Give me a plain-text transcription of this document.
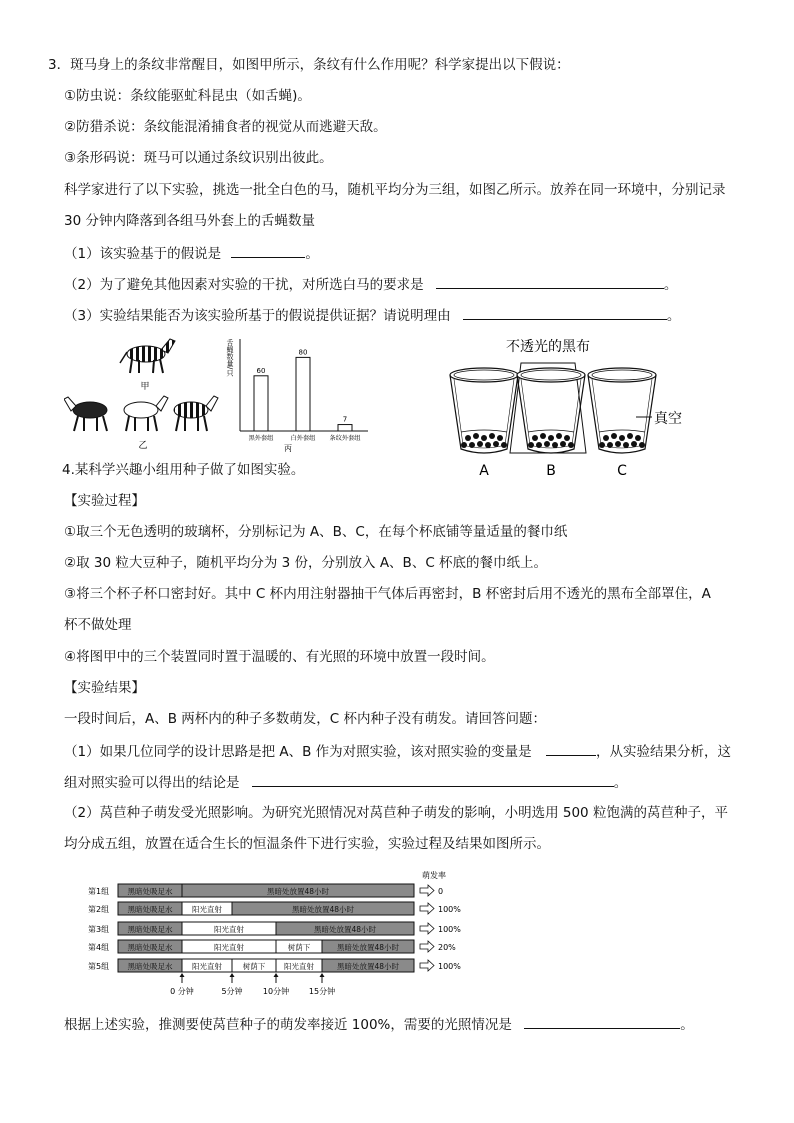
3．斑马身上的条纹非常醒目，如图甲所示，条纹有什么作用呢？科学家提出以下假说：
①防虫说：条纹能驱虻科昆虫（如舌蝇)。
②防猎杀说：条纹能混淆捕食者的视觉从而逃避天敌。
③条形码说：斑马可以通过条纹识别出彼此。
科学家进行了以下实验，挑选一批全白色的马，随机平均分为三组，如图乙所示。放养在同一环境中，分别记录
30 分钟内降落到各组马外套上的舌蝇数量
（1）该实验基于的假说是	。
（2）为了避免其他因素对实验的干扰，对所选白马的要求是	。
（3）实验结果能否为该实验所基于的假说提供证据？请说明理由	。
甲
乙
舌蝇数量/只	60
黑外套组
80
白外套组
7
条纹外套组
丙
不透光的黑布
真空
A	B	C
4.某科学兴趣小组用种子做了如图实验。
【实验过程】
①取三个无色透明的玻璃杯，分别标记为 A、B、C，在每个杯底铺等量适量的餐巾纸
②取 30 粒大豆种子，随机平均分为 3 份，分别放入 A、B、C 杯底的餐巾纸上。
③将三个杯子杯口密封好。其中 C 杯内用注射器抽干气体后再密封，B 杯密封后用不透光的黑布全部罩住，A
杯不做处理
④将图甲中的三个装置同时置于温暖的、有光照的环境中放置一段时间。
【实验结果】
一段时间后，A、B 两杯内的种子多数萌发，C 杯内种子没有萌发。请回答问题：
（1）如果几位同学的设计思路是把 A、B 作为对照实验，该对照实验的变量是	，从实验结果分析，这
组对照实验可以得出的结论是	。
（2）莴苣种子萌发受光照影响。为研究光照情况对莴苣种子萌发的影响，小明选用 500 粒饱满的莴苣种子，平
均分成五组，放置在适合生长的恒温条件下进行实验，实验过程及结果如图所示。
萌发率
第1组 黑暗处吸足水	黑暗处放置48小时	0
第2组 黑暗处吸足水	阳光直射	黑暗处放置48小时	100%
第3组 黑暗处吸足水	阳光直射	黑暗处放置48小时	100%
第4组 黑暗处吸足水	阳光直射	树荫下	黑暗处放置48小时	20%
第5组 黑暗处吸足水	阳光直射	树荫下	阳光直射	黑暗处放置48小时	100%
0 分钟	5分钟	10分钟 15分钟
根据上述实验，推测要使莴苣种子的萌发率接近 100%，需要的光照情况是	。
